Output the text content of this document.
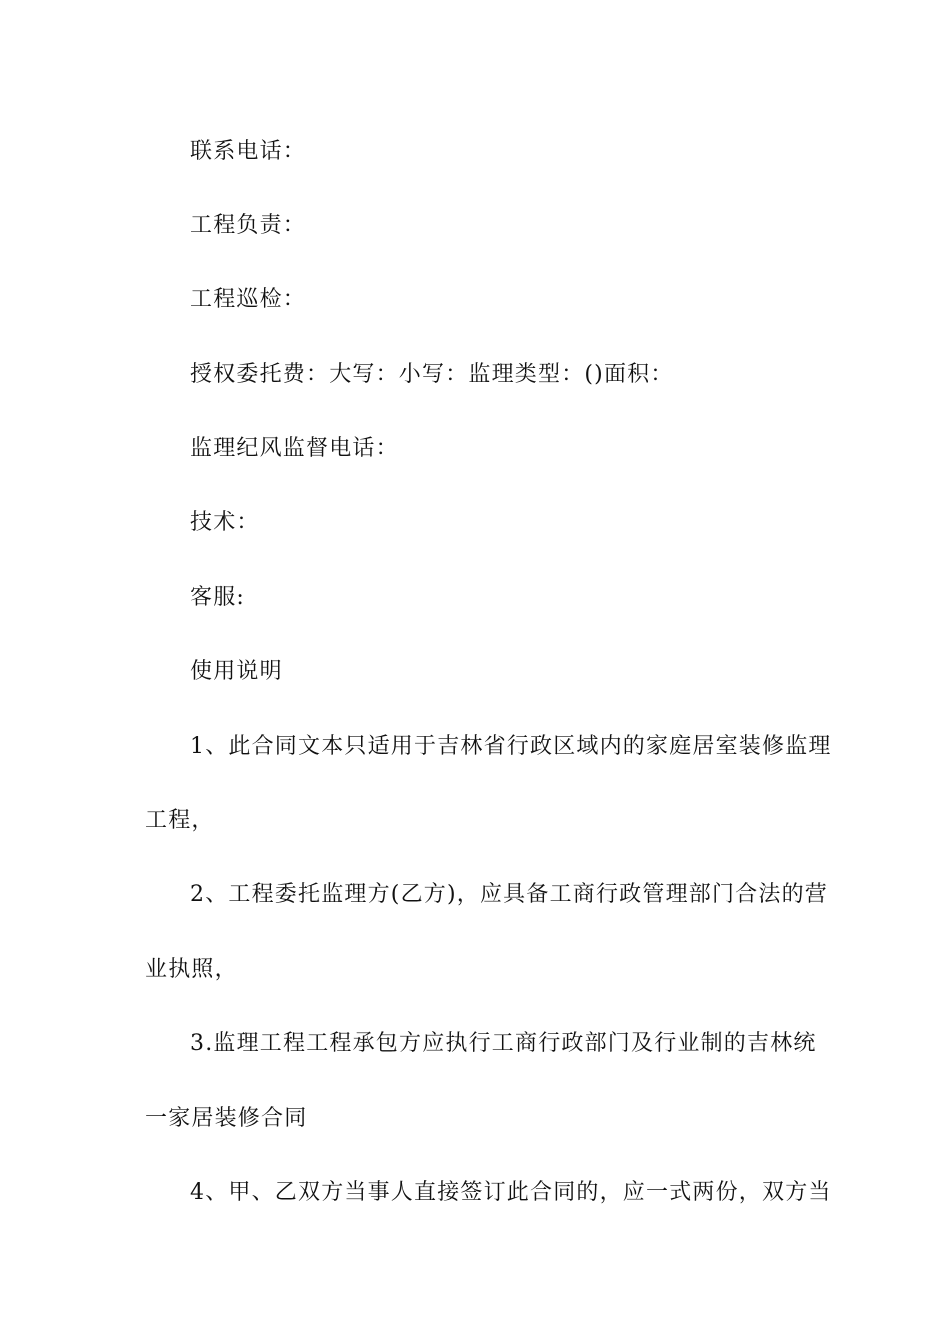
联系电话：
工程负责：
工程巡检：
授权委托费：大写：小写：监理类型：()面积：
监理纪风监督电话：
技术：
客服:
使用说明
1、此合同文本只适用于吉林省行政区域内的家庭居室装修监理
工程，
2、工程委托监理方(乙方)，应具备工商行政管理部门合法的营
业执照，
3.监理工程工程承包方应执行工商行政部门及行业制的吉林统
一家居装修合同
4、甲、乙双方当事人直接签订此合同的，应一式两份，双方当
